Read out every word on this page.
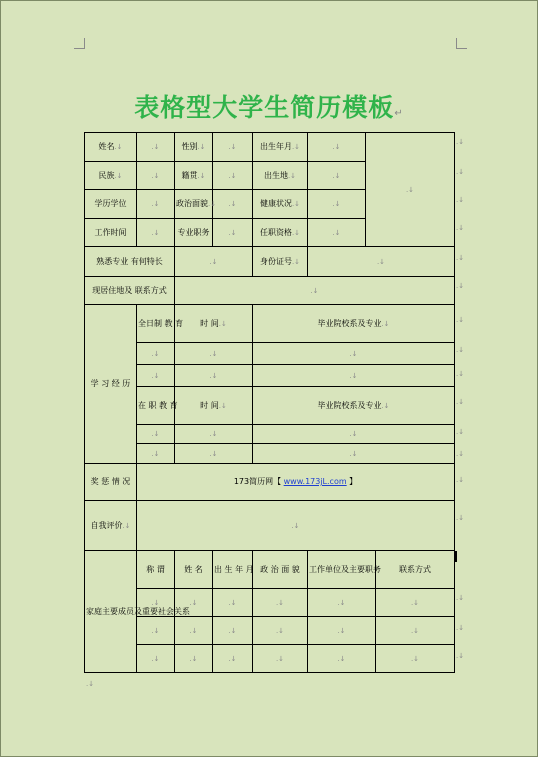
表格型大学生简历模板↵
姓名.↓	.↓	性别.↓	.↓	出生年月.↓	.↓	.↓	
民族.↓	.↓	籍贯.↓	.↓	出生地.↓	.↓		
学历学位	.↓	政治面貌.↓	.↓	健康状况.↓	.↓		
工作时间	.↓	专业职务	.↓	任职资格.↓	.↓		
熟悉专业 有何特长		.↓		身份证号.↓	.↓		
现居住地及 联系方式		.↓					
学 习 经 历	全日制 教 育	时 间.↓		毕业院校系及专业.↓			
	.↓	.↓		.↓			
	.↓	.↓		.↓			
	在 职 教 育	时 间.↓		毕业院校系及专业.↓			
	.↓	.↓		.↓			
	.↓	.↓		.↓			
奖 惩 情 况	173简历网【 www.173jL.com 】						
自我评价.↓	.↓						
家庭主要成员及重要社会关系	称 谓	姓 名	出 生 年 月	政 治 面 貌	工作单位及主要职务		联系方式
	.↓	.↓	.↓	.↓	.↓		.↓
	.↓	.↓	.↓	.↓	.↓		.↓
	.↓	.↓	.↓	.↓	.↓		.↓
.↓
.↓
.↓
.↓
.↓
.↓
.↓
.↓
.↓
.↓
.↓
.↓
.↓
.↓
.↓
.↓
.↓
.↓
